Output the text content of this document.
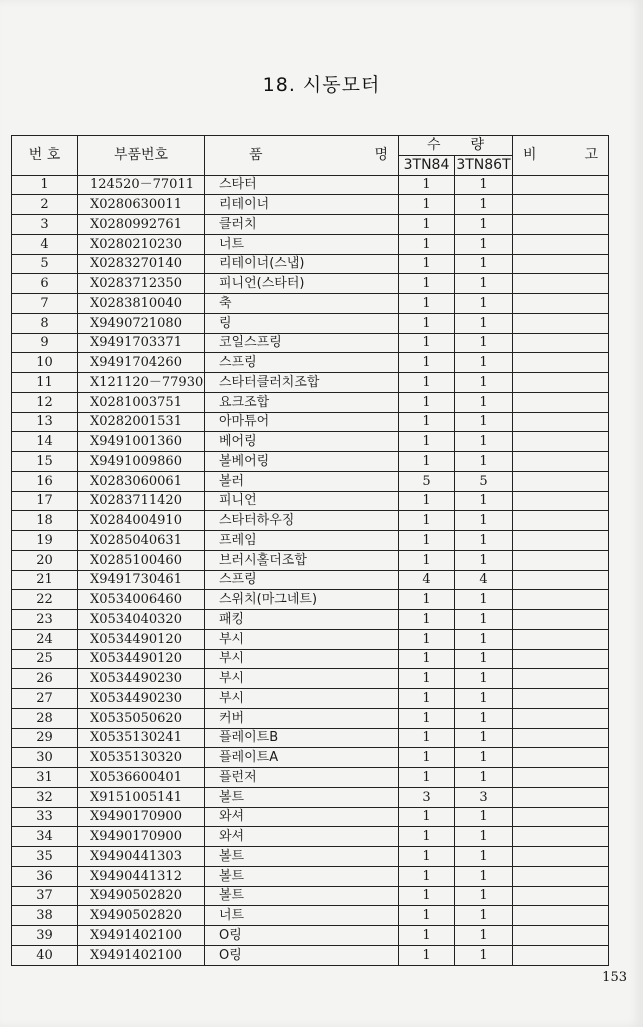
18. 시동모터
번 호	부품번호	품 명	수 량		비 고

			3TN84	3TN86T	
1	124520－77011	스타터	1	1	
2	X0280630011	리테이너	1	1	
3	X0280992761	클러치	1	1	
4	X0280210230	너트	1	1	
5	X0283270140	리테이너(스냅)	1	1	
6	X0283712350	피니언(스타터)	1	1	
7	X0283810040	축	1	1	
8	X9490721080	링	1	1	
9	X9491703371	코일스프링	1	1	
10	X9491704260	스프링	1	1	
11	X121120－77930	스타터클러치조합	1	1	
12	X0281003751	요크조합	1	1	
13	X0282001531	아마튜어	1	1	
14	X9491001360	베어링	1	1	
15	X9491009860	볼베어링	1	1	
16	X0283060061	볼러	5	5	
17	X0283711420	피니언	1	1	
18	X0284004910	스타터하우징	1	1	
19	X0285040631	프레임	1	1	
20	X0285100460	브러시홀더조합	1	1	
21	X9491730461	스프링	4	4	
22	X0534006460	스위치(마그네트)	1	1	
23	X0534040320	패킹	1	1	
24	X0534490120	부시	1	1	
25	X0534490120	부시	1	1	
26	X0534490230	부시	1	1	
27	X0534490230	부시	1	1	
28	X0535050620	커버	1	1	
29	X0535130241	플레이트B	1	1	
30	X0535130320	플레이트A	1	1	
31	X0536600401	플런저	1	1	
32	X9151005141	볼트	3	3	
33	X9490170900	와셔	1	1	
34	X9490170900	와셔	1	1	
35	X9490441303	볼트	1	1	
36	X9490441312	볼트	1	1	
37	X9490502820	볼트	1	1	
38	X9490502820	너트	1	1	
39	X9491402100	O링	1	1	
40	X9491402100	O링	1	1	
153
